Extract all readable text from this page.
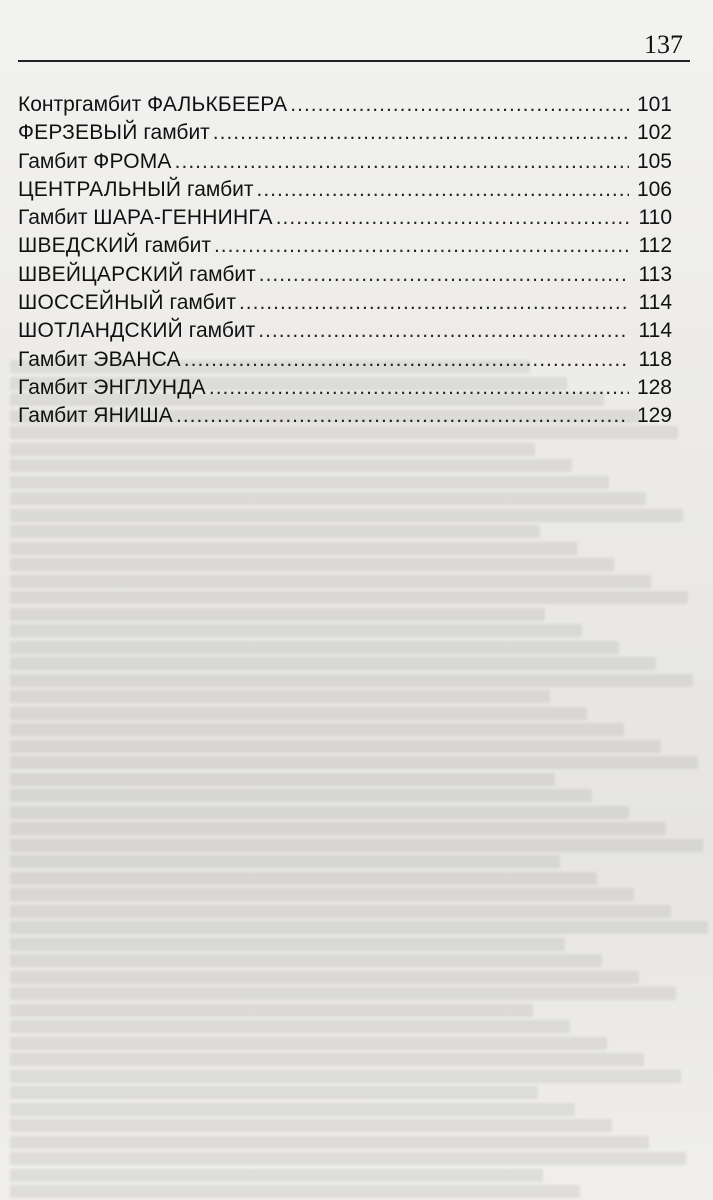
137
Контргамбит ФАЛЬКБЕЕРА .....	101
ФЕРЗЕВЫЙ гамбит .....	102
Гамбит ФРОМА .....	105
ЦЕНТРАЛЬНЫЙ гамбит .....	106
Гамбит ШАРА-ГЕННИНГА .....	110
ШВЕДСКИЙ гамбит .....	112
ШВЕЙЦАРСКИЙ гамбит .....	113
ШОССЕЙНЫЙ гамбит .....	114
ШОТЛАНДСКИЙ гамбит .....	114
Гамбит ЭВАНСА .....	118
Гамбит ЭНГЛУНДА .....	128
Гамбит ЯНИША .....	129
